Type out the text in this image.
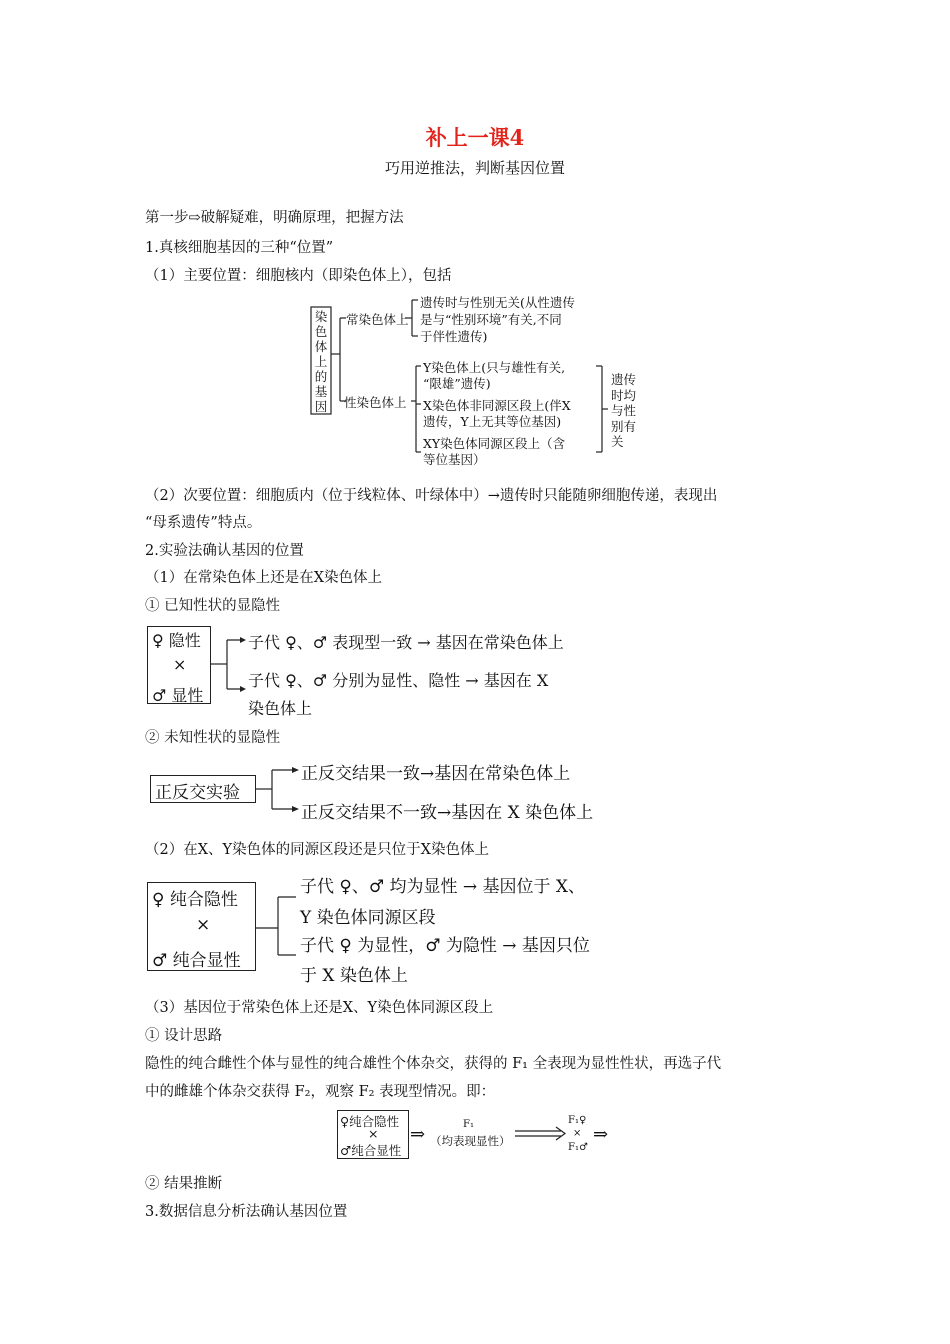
补上一课4
巧用逆推法，判断基因位置
第一步⇨破解疑难，明确原理，把握方法
1.真核细胞基因的三种“位置”
（1）主要位置：细胞核内（即染色体上），包括
染色体上的基因
常染色体上
遗传时与性别无关(从性遗传
是与“性别环境”有关,不同
于伴性遗传)
性染色体上
Y染色体上(只与雄性有关,
“限雄”遗传)
X染色体非同源区段上(伴X
遗传，Y上无其等位基因)
XY染色体同源区段上（含
等位基因）
遗传时均与性别有关
（2）次要位置：细胞质内（位于线粒体、叶绿体中）→遗传时只能随卵细胞传递，表现出
“母系遗传”特点。
2.实验法确认基因的位置
（1）在常染色体上还是在X染色体上
① 已知性状的显隐性
♀ 隐性
×
♂ 显性
子代 ♀、♂ 表现型一致 → 基因在常染色体上
子代 ♀、♂ 分别为显性、隐性 → 基因在 X
染色体上
② 未知性状的显隐性
正反交实验
正反交结果一致→基因在常染色体上
正反交结果不一致→基因在 X 染色体上
（2）在X、Y染色体的同源区段还是只位于X染色体上
♀ 纯合隐性
×
♂ 纯合显性
子代 ♀、♂ 均为显性 → 基因位于 X、
Y 染色体同源区段
子代 ♀ 为显性，♂ 为隐性 → 基因只位
于 X 染色体上
（3）基因位于常染色体上还是X、Y染色体同源区段上
① 设计思路
隐性的纯合雌性个体与显性的纯合雄性个体杂交，获得的 F₁ 全表现为显性性状，再选子代
中的雌雄个体杂交获得 F₂，观察 F₂ 表现型情况。即：
♀纯合隐性
×
♂纯合显性
⇒	F₁
（均表现显性）
F₁♀
×
F₁♂
⇒
② 结果推断
3.数据信息分析法确认基因位置
